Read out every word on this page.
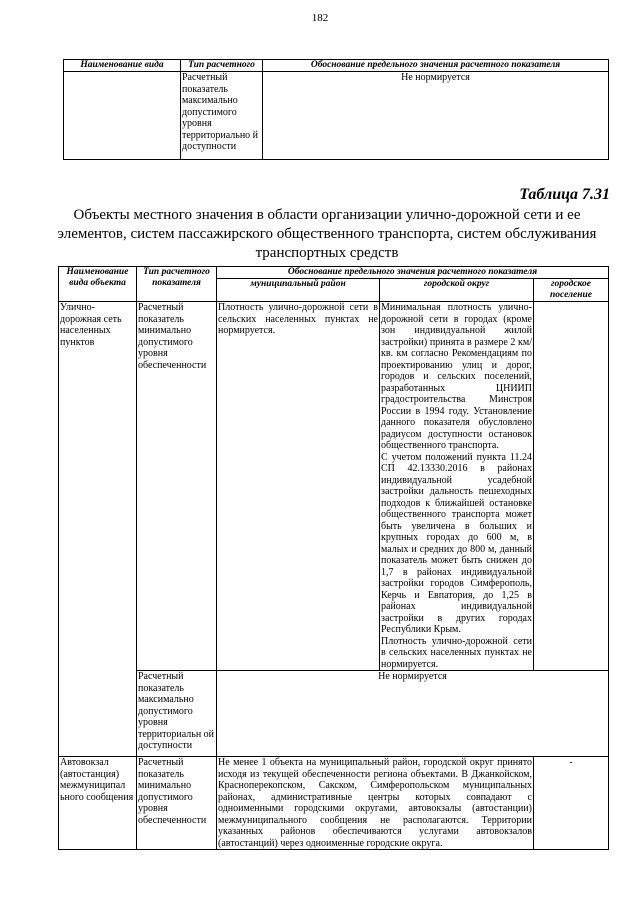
182
Наименование вида	Тип расчетного	Обоснование предельного значения расчетного показателя
	Расчетный показатель максимально допустимого уровня территориально й доступности	Не нормируется
Таблица 7.31
Объекты местного значения в области организации улично-дорожной сети и ее элементов, систем пассажирского общественного транспорта, систем обслуживания транспортных средств
Наименование вида объекта	Тип расчетного показателя	Обоснование предельного значения расчетного показателя		
		муниципальный район	городской округ	городское поселение
Улично-дорожная сеть населенных пунктов	Расчетный показатель минимально допустимого уровня обеспеченности	Плотность улично-дорожной сети в сельских населенных пунктах не нормируется.	Минимальная плотность улично-дорожной сети в городах (кроме зон индивидуальной жилой застройки) принята в размере 2 км/кв. км согласно Рекомендациям по проектированию улиц и дорог, городов и сельских поселений, разработанных ЦНИИП градостроительства Минстроя России в 1994 году. Установление данного показателя обусловлено радиусом доступности остановок общественного транспорта.
С учетом положений пункта 11.24 СП 42.13330.2016 в районах индивидуальной усадебной застройки дальность пешеходных подходов к ближайшей остановке общественного транспорта может быть увеличена в больших и крупных городах до 600 м, в малых и средних до 800 м, данный показатель может быть снижен до 1,7 в районах индивидуальной застройки городов Симферополь, Керчь и Евпатория, до 1,25 в районах индивидуальной застройки в других городах Республики Крым.
Плотность улично-дорожной сети в сельских населенных пунктах не нормируется.	

	Расчетный показатель максимально допустимого уровня территориальн ой доступности	Не нормируется		
Автовокзал (автостанция) межмуниципал ьного сообщения	Расчетный показатель минимально допустимого уровня обеспеченности	Не менее 1 объекта на муниципальный район, городской округ принято исходя из текущей обеспеченности региона объектами. В Джанкойском, Красноперекопском, Сакском, Симферопольском муниципальных районах, административные центры которых совпадают с одноименными городскими округами, автовокзалы (автостанции) межмуниципального сообщения не располагаются. Территории указанных районов обеспечиваются услугами автовокзалов (автостанций) через одноименные городские округа.		-
